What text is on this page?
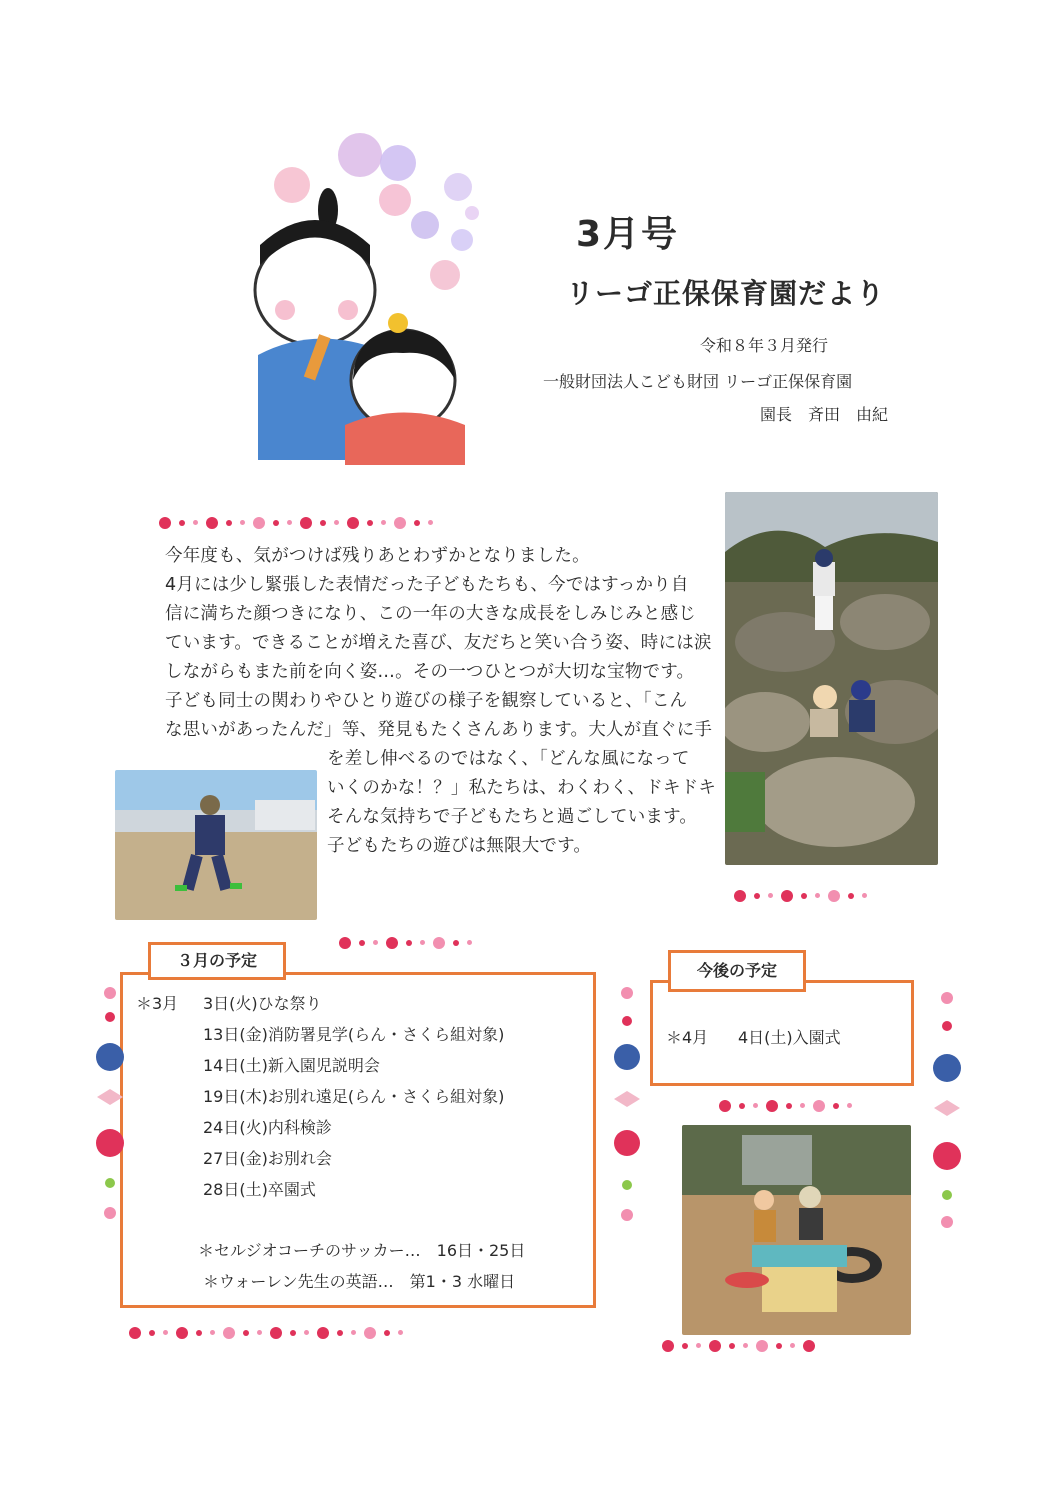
3月号
リーゴ正保保育園だより
令和８年３月発行
一般財団法人こども財団 リーゴ正保保育園
園長　斉田　由紀
今年度も、気がつけば残りあとわずかとなりました。
4月には少し緊張した表情だった子どもたちも、今ではすっかり自
信に満ちた顔つきになり、この一年の大きな成長をしみじみと感じ
ています。できることが増えた喜び、友だちと笑い合う姿、時には涙
しながらもまた前を向く姿…。その一つひとつが大切な宝物です。
子ども同士の関わりやひとり遊びの様子を観察していると、「こん
な思いがあったんだ」等、発見もたくさんあります。大人が直ぐに手
を差し伸べるのではなく、「どんな風になって
いくのかな！？」私たちは、わくわく、ドキドキ
そんな気持ちで子どもたちと過ごしています。
子どもたちの遊びは無限大です。
３月の予定
＊3月 3日(火)ひな祭り
13日(金)消防署見学(らん・さくら組対象)
14日(土)新入園児説明会
19日(木)お別れ遠足(らん・さくら組対象)
24日(火)内科検診
27日(金)お別れ会
28日(土)卒園式
＊セルジオコーチのサッカー…　16日・25日
＊ウォーレン先生の英語…　第1・3 水曜日
今後の予定
＊4月 4日(土)入園式
